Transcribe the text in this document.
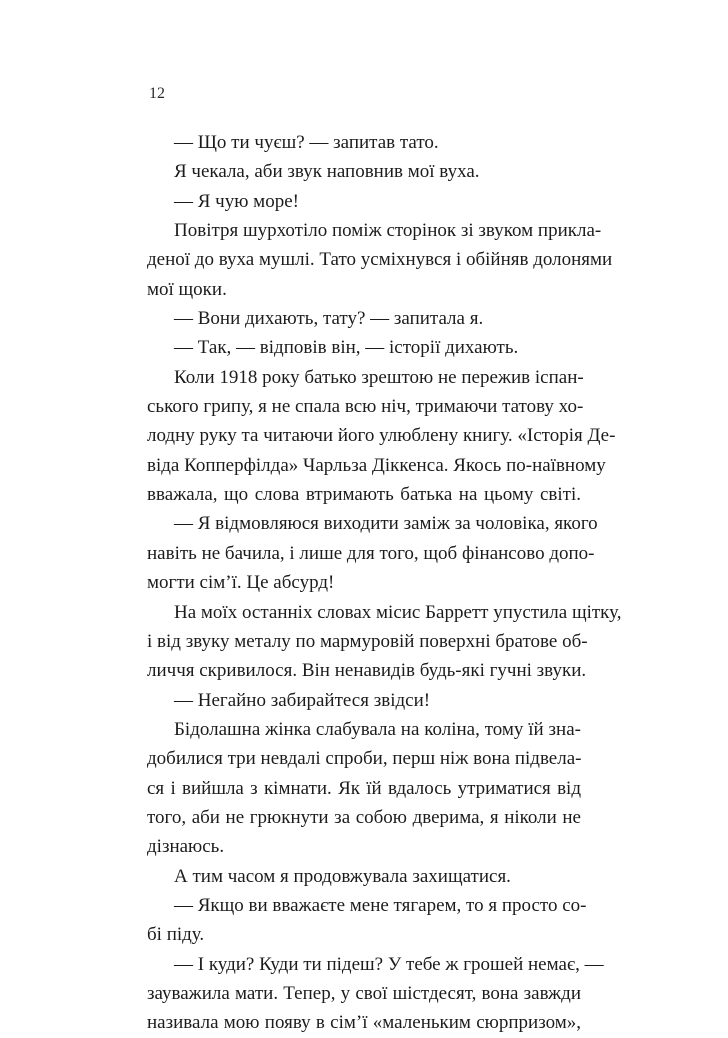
12
— Що ти чуєш? — запитав тато.
Я чекала, аби звук наповнив мої вуха.
— Я чую море!
Повітря шурхотіло поміж сторінок зі звуком прикла-
деної до вуха мушлі. Тато усміхнувся і обійняв долонями
мої щоки.
— Вони дихають, тату? — запитала я.
— Так, — відповів він, — історії дихають.
Коли 1918 року батько зрештою не пережив іспан-
ського грипу, я не спала всю ніч, тримаючи татову хо-
лодну руку та читаючи його улюблену книгу. «Історія Де-
віда Копперфілда» Чарльза Діккенса. Якось по-наївному
вважала, що слова втримають батька на цьому світі.
— Я відмовляюся виходити заміж за чоловіка, якого
навіть не бачила, і лише для того, щоб фінансово допо-
могти сім’ї. Це абсурд!
На моїх останніх словах місис Барретт упустила щітку,
і від звуку металу по мармуровій поверхні братове об-
личчя скривилося. Він ненавидів будь-які гучні звуки.
— Негайно забирайтеся звідси!
Бідолашна жінка слабувала на коліна, тому їй зна-
добилися три невдалі спроби, перш ніж вона підвела-
ся і вийшла з кімнати. Як їй вдалось утриматися від
того, аби не грюкнути за собою дверима, я ніколи не
дізнаюсь.
А тим часом я продовжувала захищатися.
— Якщо ви вважаєте мене тягарем, то я просто со-
бі піду.
— І куди? Куди ти підеш? У тебе ж грошей немає, —
зауважила мати. Тепер, у свої шістдесят, вона завжди
називала мою появу в сім’ї «маленьким сюрпризом»,
